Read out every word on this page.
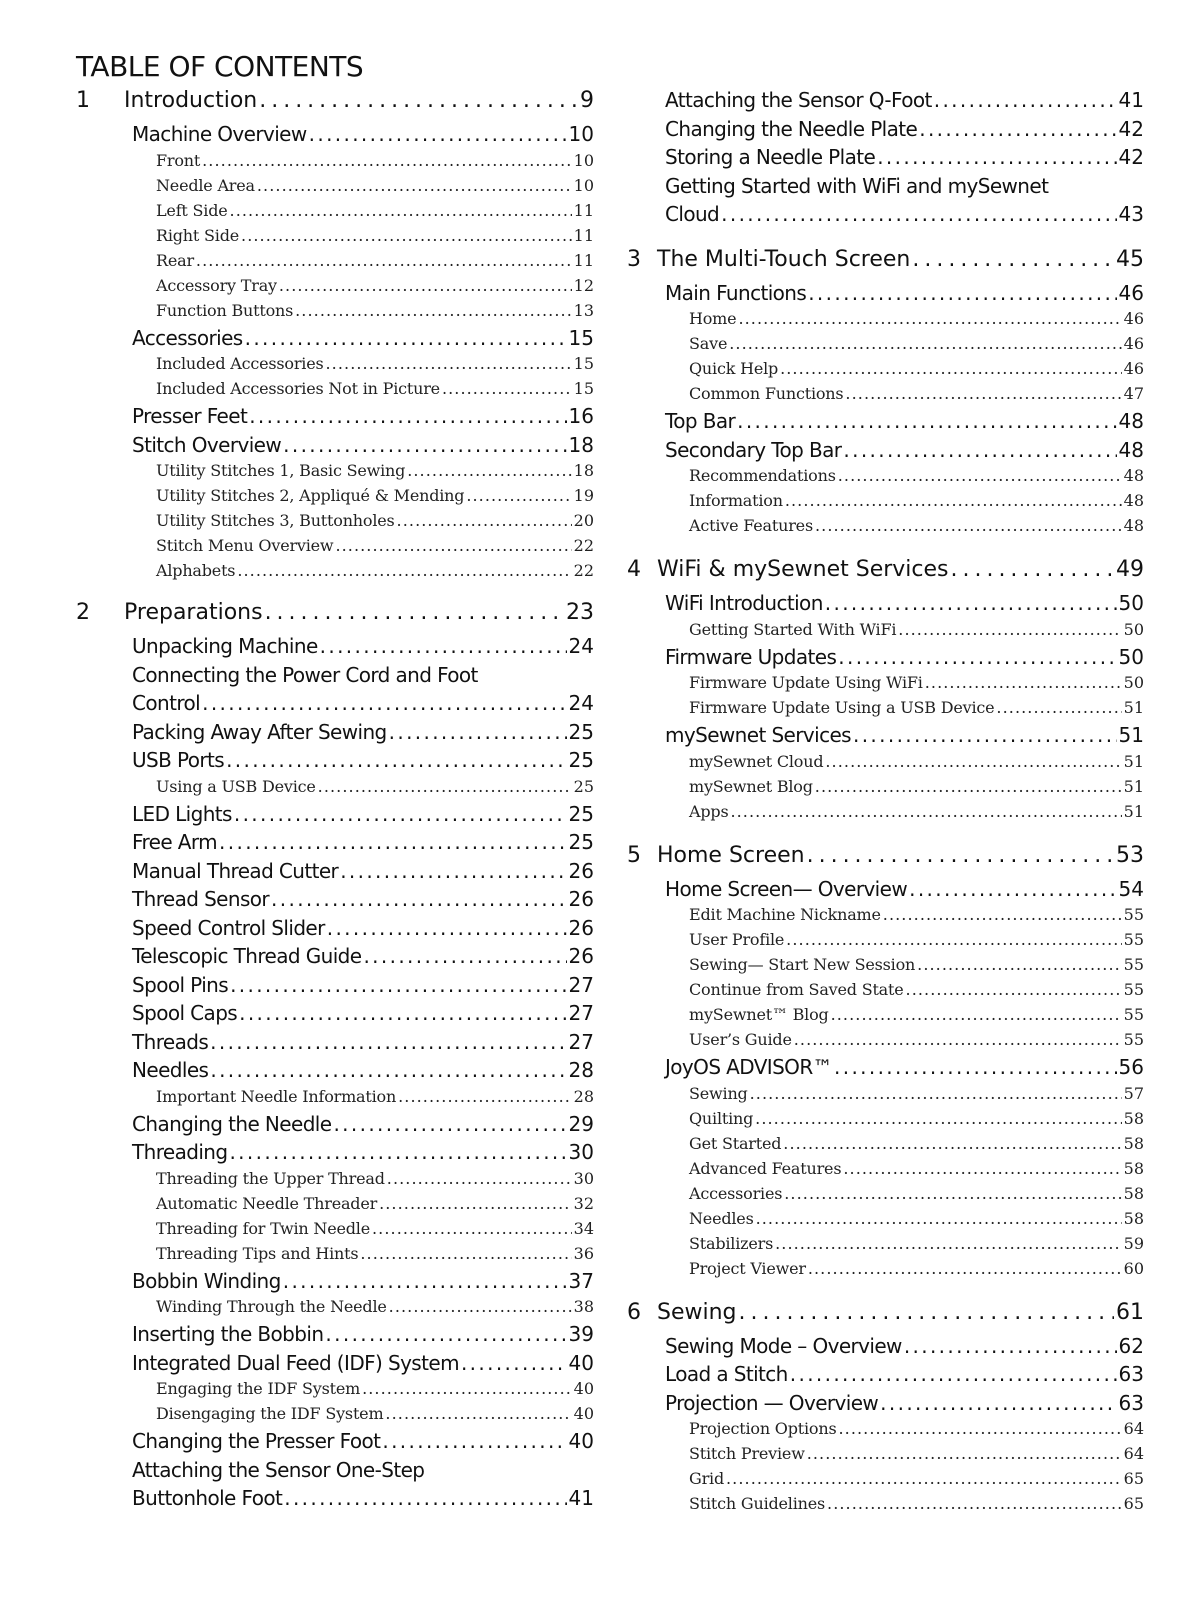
TABLE OF CONTENTS
1	Introduction . . .	9
Machine Overview . . .	10
Front . . .	10
Needle Area . . .	10
Left Side . . .	11
Right Side . . .	11
Rear . . .	11
Accessory Tray . . .	12
Function Buttons . . .	13
Accessories . . .	15
Included Accessories . . .	15
Included Accessories Not in Picture . . .	15
Presser Feet . . .	16
Stitch Overview . . .	18
Utility Stitches 1, Basic Sewing . . .	18
Utility Stitches 2, Appliqué & Mending . . .	19
Utility Stitches 3, Buttonholes . . .	20
Stitch Menu Overview . . .	22
Alphabets . . .	22
2	Preparations . . .	23
Unpacking Machine . . .	24
Connecting the Power Cord and Foot
Control . . .	24
Packing Away After Sewing . . .	25
USB Ports . . .	25
Using a USB Device . . .	25
LED Lights . . .	25
Free Arm . . .	25
Manual Thread Cutter . . .	26
Thread Sensor . . .	26
Speed Control Slider . . .	26
Telescopic Thread Guide . . .	26
Spool Pins . . .	27
Spool Caps . . .	27
Threads . . .	27
Needles . . .	28
Important Needle Information . . .	28
Changing the Needle . . .	29
Threading . . .	30
Threading the Upper Thread . . .	30
Automatic Needle Threader . . .	32
Threading for Twin Needle . . .	34
Threading Tips and Hints . . .	36
Bobbin Winding . . .	37
Winding Through the Needle . . .	38
Inserting the Bobbin . . .	39
Integrated Dual Feed (IDF) System . . .	40
Engaging the IDF System . . .	40
Disengaging the IDF System . . .	40
Changing the Presser Foot . . .	40
Attaching the Sensor One-Step
Buttonhole Foot . . .	41
Attaching the Sensor Q-Foot . . .	41
Changing the Needle Plate . . .	42
Storing a Needle Plate . . .	42
Getting Started with WiFi and mySewnet
Cloud . . .	43
3 The Multi-Touch Screen . . .	45
Main Functions . . .	46
Home . . .	46
Save . . .	46
Quick Help . . .	46
Common Functions . . .	47
Top Bar . . .	48
Secondary Top Bar . . .	48
Recommendations . . .	48
Information . . .	48
Active Features . . .	48
4 WiFi & mySewnet Services . . .	49
WiFi Introduction . . .	50
Getting Started With WiFi . . .	50
Firmware Updates . . .	50
Firmware Update Using WiFi . . .	50
Firmware Update Using a USB Device . . .	51
mySewnet Services . . .	51
mySewnet Cloud . . .	51
mySewnet Blog . . .	51
Apps . . .	51
5 Home Screen . . .	53
Home Screen— Overview . . .	54
Edit Machine Nickname . . .	55
User Profile . . .	55
Sewing— Start New Session . . .	55
Continue from Saved State . . .	55
mySewnet™ Blog . . .	55
User’s Guide . . .	55
JoyOS ADVISOR™ . . .	56
Sewing . . .	57
Quilting . . .	58
Get Started . . .	58
Advanced Features . . .	58
Accessories . . .	58
Needles . . .	58
Stabilizers . . .	59
Project Viewer . . .	60
6 Sewing . . .	61
Sewing Mode – Overview . . .	62
Load a Stitch . . .	63
Projection — Overview . . .	63
Projection Options . . .	64
Stitch Preview . . .	64
Grid . . .	65
Stitch Guidelines . . .	65
